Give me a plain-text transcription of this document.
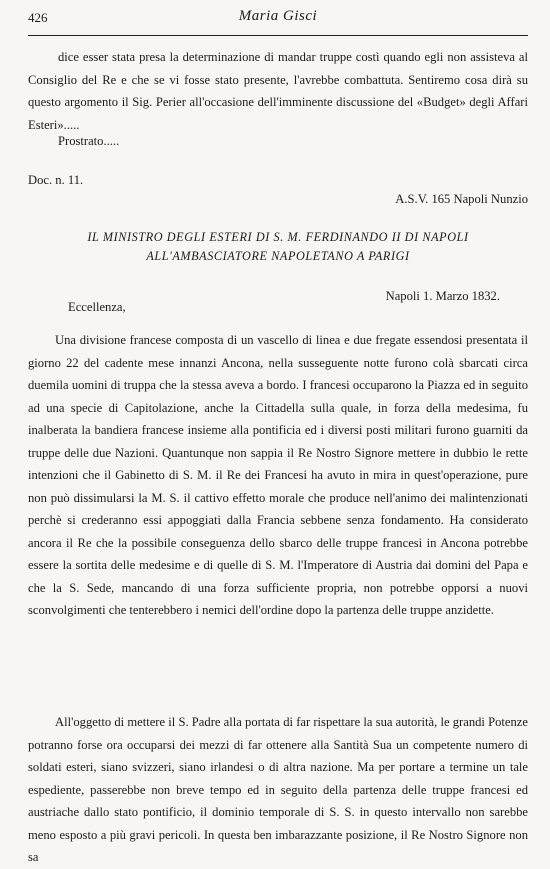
426	Maria Gisci
dice esser stata presa la determinazione di mandar truppe costì quando egli non assisteva al Consiglio del Re e che se vi fosse stato presente, l'avrebbe combattuta. Sentiremo cosa dirà su questo argomento il Sig. Perier all'occasione dell'imminente discussione del «Budget» degli Affari Esteri».....
Prostrato.....
Doc. n. 11.
A.S.V. 165 Napoli Nunzio
IL MINISTRO DEGLI ESTERI DI S. M. FERDINANDO II DI NAPOLI
ALL'AMBASCIATORE NAPOLETANO A PARIGI
Napoli 1. Marzo 1832.
Eccellenza,
Una divisione francese composta di un vascello di linea e due fregate essendosi presentata il giorno 22 del cadente mese innanzi Ancona, nella susseguente notte furono colà sbarcati circa duemila uomini di truppa che la stessa aveva a bordo. I francesi occuparono la Piazza ed in seguito ad una specie di Capitolazione, anche la Cittadella sulla quale, in forza della medesima, fu inalberata la bandiera francese insieme alla pontificia ed i diversi posti militari furono guarniti da truppe delle due Nazioni. Quantunque non sappia il Re Nostro Signore mettere in dubbio le rette intenzioni che il Gabinetto di S. M. il Re dei Francesi ha avuto in mira in quest'operazione, pure non può dissimularsi la M. S. il cattivo effetto morale che produce nell'animo dei malintenzionati perchè si crederanno essi appoggiati dalla Francia sebbene senza fondamento. Ha considerato ancora il Re che la possibile conseguenza dello sbarco delle truppe francesi in Ancona potrebbe essere la sortita delle medesime e di quelle di S. M. l'Imperatore di Austria dai domini del Papa e che la S. Sede, mancando di una forza sufficiente propria, non potrebbe opporsi a nuovi sconvolgimenti che tenterebbero i nemici dell'ordine dopo la partenza delle truppe anzidette.
All'oggetto di mettere il S. Padre alla portata di far rispettare la sua autorità, le grandi Potenze potranno forse ora occuparsi dei mezzi di far ottenere alla Santità Sua un competente numero di soldati esteri, siano svizzeri, siano irlandesi o di altra nazione. Ma per portare a termine un tale espediente, passerebbe non breve tempo ed in seguito della partenza delle truppe francesi ed austriache dallo stato pontificio, il dominio temporale di S. S. in questo intervallo non sarebbe meno esposto a più gravi pericoli. In questa ben imbarazzante posizione, il Re Nostro Signore non sa
